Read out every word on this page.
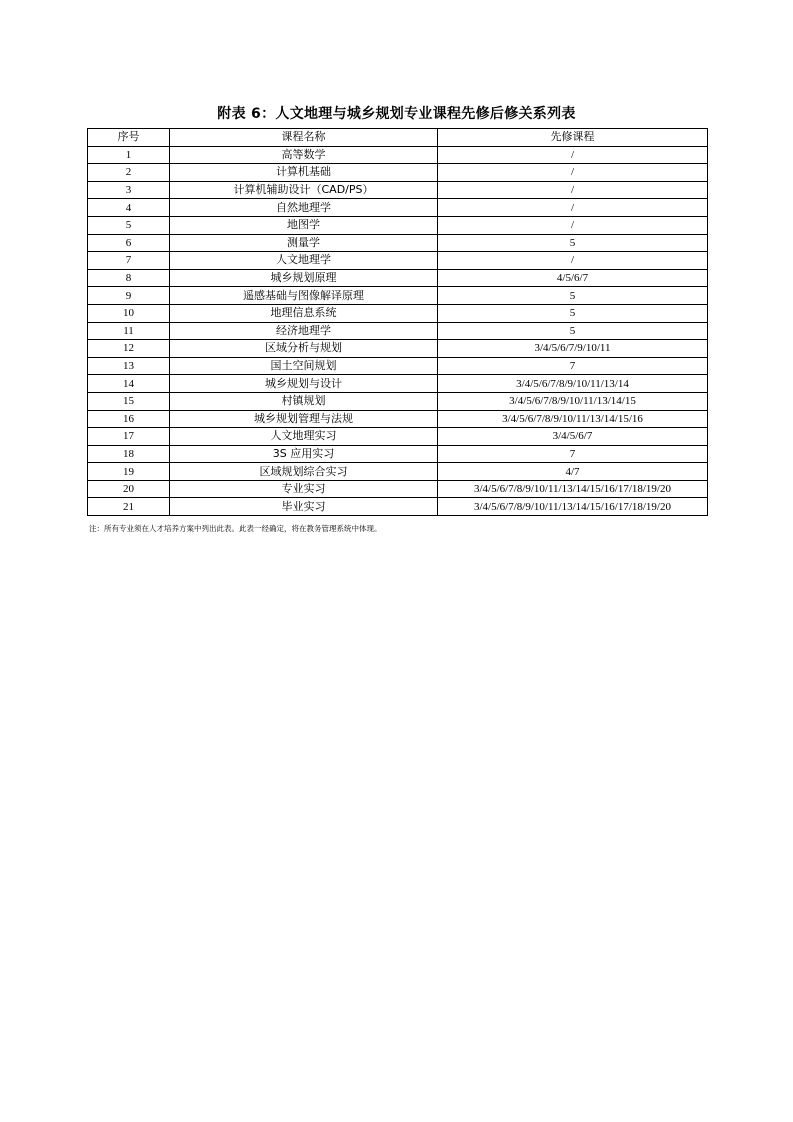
附表 6：人文地理与城乡规划专业课程先修后修关系列表
序号	课程名称	先修课程
1	高等数学	/
2	计算机基础	/
3	计算机辅助设计（CAD/PS）	/
4	自然地理学	/
5	地图学	/
6	测量学	5
7	人文地理学	/
8	城乡规划原理	4/5/6/7
9	遥感基础与图像解译原理	5
10	地理信息系统	5
11	经济地理学	5
12	区域分析与规划	3/4/5/6/7/9/10/11
13	国土空间规划	7
14	城乡规划与设计	3/4/5/6/7/8/9/10/11/13/14
15	村镇规划	3/4/5/6/7/8/9/10/11/13/14/15
16	城乡规划管理与法规	3/4/5/6/7/8/9/10/11/13/14/15/16
17	人文地理实习	3/4/5/6/7
18	3S 应用实习	7
19	区域规划综合实习	4/7
20	专业实习	3/4/5/6/7/8/9/10/11/13/14/15/16/17/18/19/20
21	毕业实习	3/4/5/6/7/8/9/10/11/13/14/15/16/17/18/19/20
注：所有专业须在人才培养方案中列出此表。此表一经确定，将在教务管理系统中体现。
